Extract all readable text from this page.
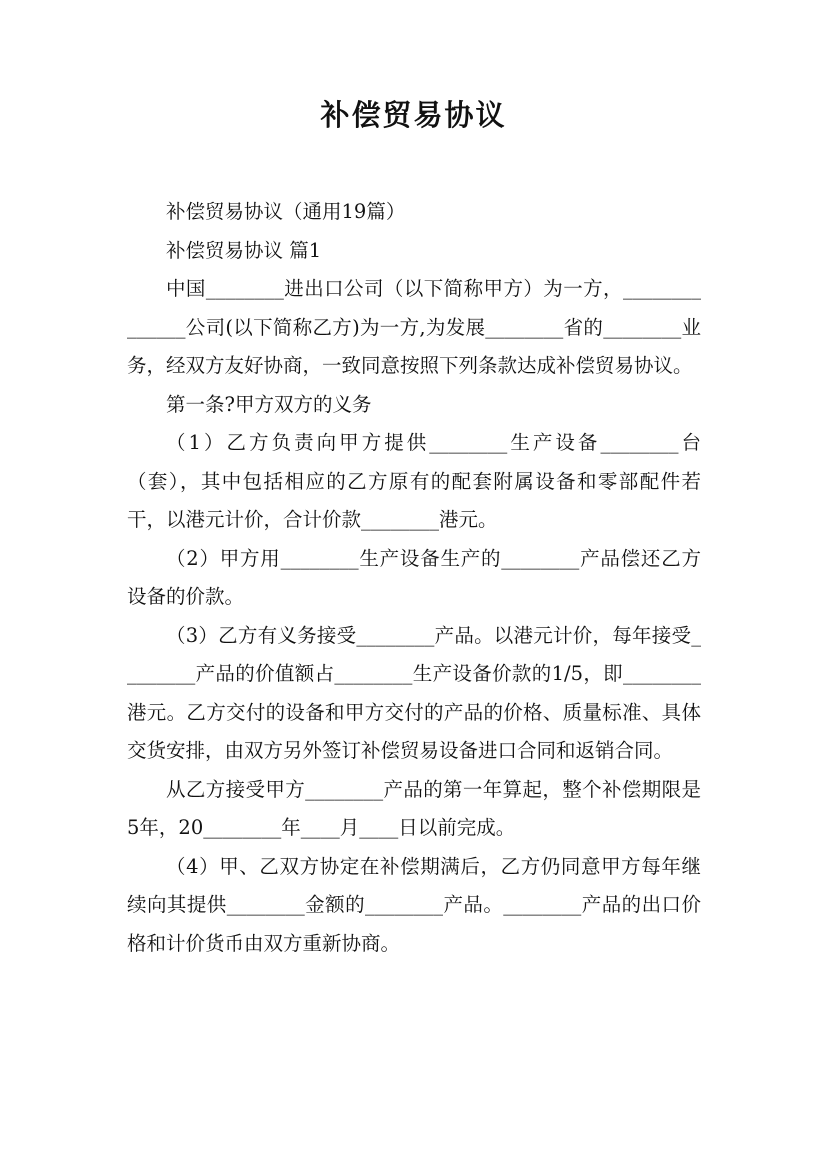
补偿贸易协议

补偿贸易协议（通用19篇）

补偿贸易协议 篇1

中国________进出口公司（以下简称甲方）为一方，______________公司(以下简称乙方)为一方,为发展________省的________业务，经双方友好协商，一致同意按照下列条款达成补偿贸易协议。

第一条?甲方双方的义务

（1）乙方负责向甲方提供________生产设备________台（套），其中包括相应的乙方原有的配套附属设备和零部配件若干，以港元计价，合计价款________港元。

（2）甲方用________生产设备生产的________产品偿还乙方设备的价款。

（3）乙方有义务接受________产品。以港元计价，每年接受________产品的价值额占________生产设备价款的1/5，即________港元。乙方交付的设备和甲方交付的产品的价格、质量标准、具体交货安排，由双方另外签订补偿贸易设备进口合同和返销合同。

从乙方接受甲方________产品的第一年算起，整个补偿期限是5年，20________年____月____日以前完成。

（4）甲、乙双方协定在补偿期满后，乙方仍同意甲方每年继续向其提供________金额的________产品。________产品的出口价格和计价货币由双方重新协商。
